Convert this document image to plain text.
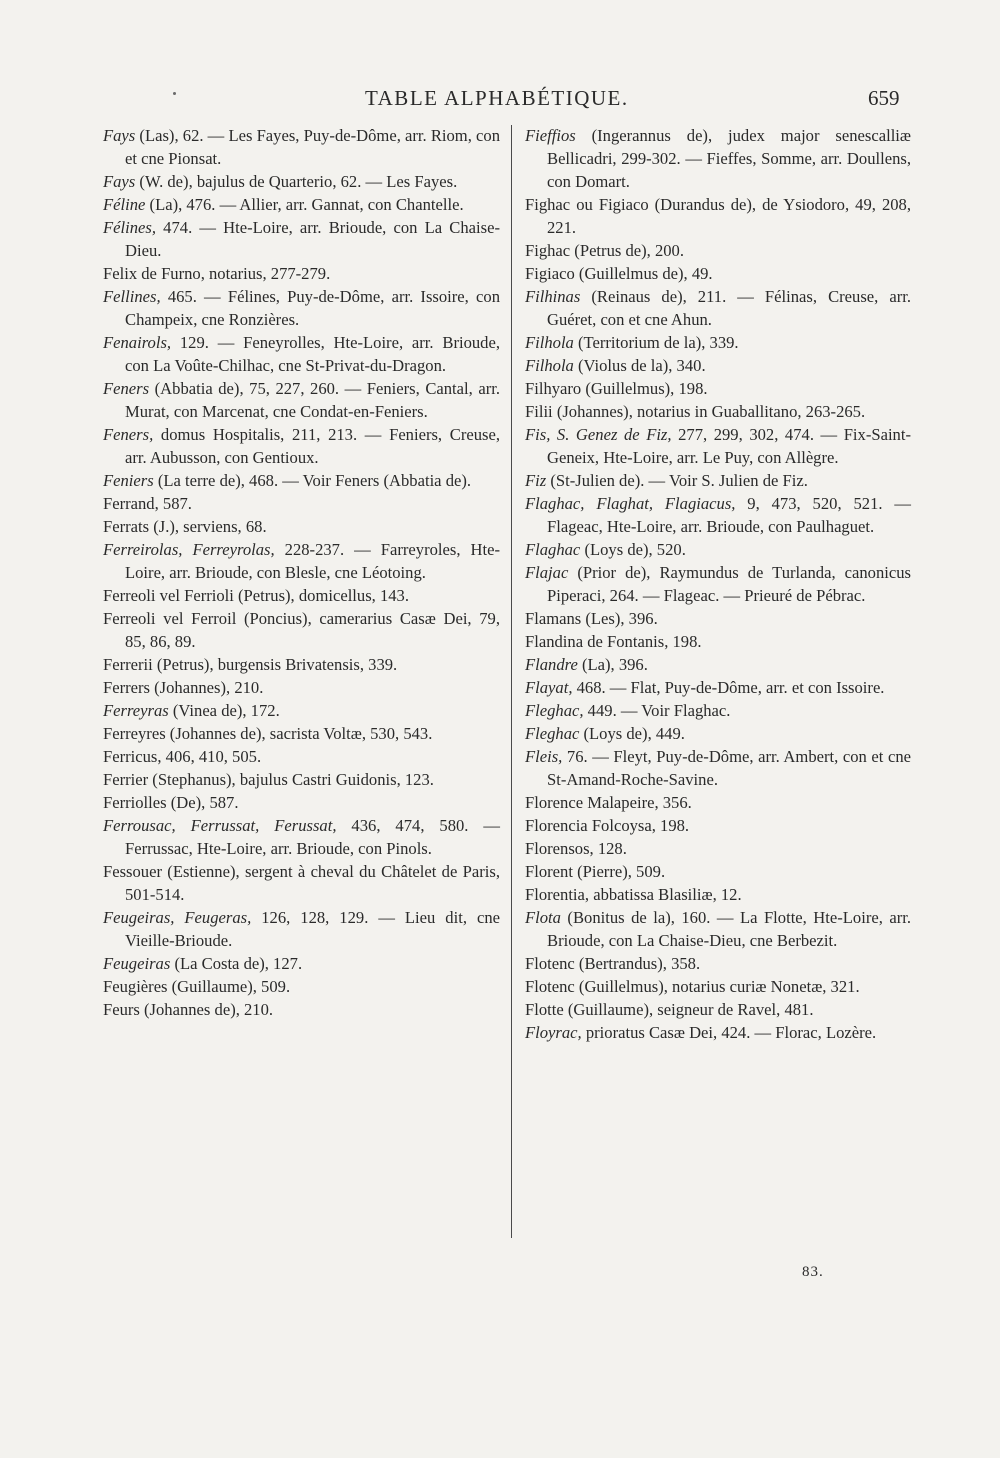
TABLE ALPHABÉTIQUE.	659

Fays (Las), 62. — Les Fayes, Puy-de-Dôme, arr. Riom, con et cne Pionsat.

Fays (W. de), bajulus de Quarterio, 62. — Les Fayes.

Féline (La), 476. — Allier, arr. Gannat, con Chantelle.

Félines, 474. — Hte-Loire, arr. Brioude, con La Chaise-Dieu.

Felix de Furno, notarius, 277-279.

Fellines, 465. — Félines, Puy-de-Dôme, arr. Issoire, con Champeix, cne Ronzières.

Fenairols, 129. — Feneyrolles, Hte-Loire, arr. Brioude, con La Voûte-Chilhac, cne St-Privat-du-Dragon.

Feners (Abbatia de), 75, 227, 260. — Feniers, Cantal, arr. Murat, con Marcenat, cne Condat-en-Feniers.

Feners, domus Hospitalis, 211, 213. — Feniers, Creuse, arr. Aubusson, con Gentioux.

Feniers (La terre de), 468. — Voir Feners (Abbatia de).

Ferrand, 587.

Ferrats (J.), serviens, 68.

Ferreirolas, Ferreyrolas, 228-237. — Farreyroles, Hte-Loire, arr. Brioude, con Blesle, cne Léotoing.

Ferreoli vel Ferrioli (Petrus), domicellus, 143.

Ferreoli vel Ferroil (Poncius), camerarius Casæ Dei, 79, 85, 86, 89.

Ferrerii (Petrus), burgensis Brivatensis, 339.

Ferrers (Johannes), 210.

Ferreyras (Vinea de), 172.

Ferreyres (Johannes de), sacrista Voltæ, 530, 543.

Ferricus, 406, 410, 505.

Ferrier (Stephanus), bajulus Castri Guidonis, 123.

Ferriolles (De), 587.

Ferrousac, Ferrussat, Ferussat, 436, 474, 580. — Ferrussac, Hte-Loire, arr. Brioude, con Pinols.

Fessouer (Estienne), sergent à cheval du Châtelet de Paris, 501-514.

Feugeiras, Feugeras, 126, 128, 129. — Lieu dit, cne Vieille-Brioude.

Feugeiras (La Costa de), 127.

Feugières (Guillaume), 509.

Feurs (Johannes de), 210.

Fieffios (Ingerannus de), judex major senescalliæ Bellicadri, 299-302. — Fieffes, Somme, arr. Doullens, con Domart.

Fighac ou Figiaco (Durandus de), de Ysiodoro, 49, 208, 221.

Fighac (Petrus de), 200.

Figiaco (Guillelmus de), 49.

Filhinas (Reinaus de), 211. — Félinas, Creuse, arr. Guéret, con et cne Ahun.

Filhola (Territorium de la), 339.

Filhola (Violus de la), 340.

Filhyaro (Guillelmus), 198.

Filii (Johannes), notarius in Guaballitano, 263-265.

Fis, S. Genez de Fiz, 277, 299, 302, 474. — Fix-Saint-Geneix, Hte-Loire, arr. Le Puy, con Allègre.

Fiz (St-Julien de). — Voir S. Julien de Fiz.

Flaghac, Flaghat, Flagiacus, 9, 473, 520, 521. — Flageac, Hte-Loire, arr. Brioude, con Paulhaguet.

Flaghac (Loys de), 520.

Flajac (Prior de), Raymundus de Turlanda, canonicus Piperaci, 264. — Flageac. — Prieuré de Pébrac.

Flamans (Les), 396.

Flandina de Fontanis, 198.

Flandre (La), 396.

Flayat, 468. — Flat, Puy-de-Dôme, arr. et con Issoire.

Fleghac, 449. — Voir Flaghac.

Fleghac (Loys de), 449.

Fleis, 76. — Fleyt, Puy-de-Dôme, arr. Ambert, con et cne St-Amand-Roche-Savine.

Florence Malapeire, 356.

Florencia Folcoysa, 198.

Florensos, 128.

Florent (Pierre), 509.

Florentia, abbatissa Blasiliæ, 12.

Flota (Bonitus de la), 160. — La Flotte, Hte-Loire, arr. Brioude, con La Chaise-Dieu, cne Berbezit.

Flotenc (Bertrandus), 358.

Flotenc (Guillelmus), notarius curiæ Nonetæ, 321.

Flotte (Guillaume), seigneur de Ravel, 481.

Floyrac, prioratus Casæ Dei, 424. — Florac, Lozère.

83.
